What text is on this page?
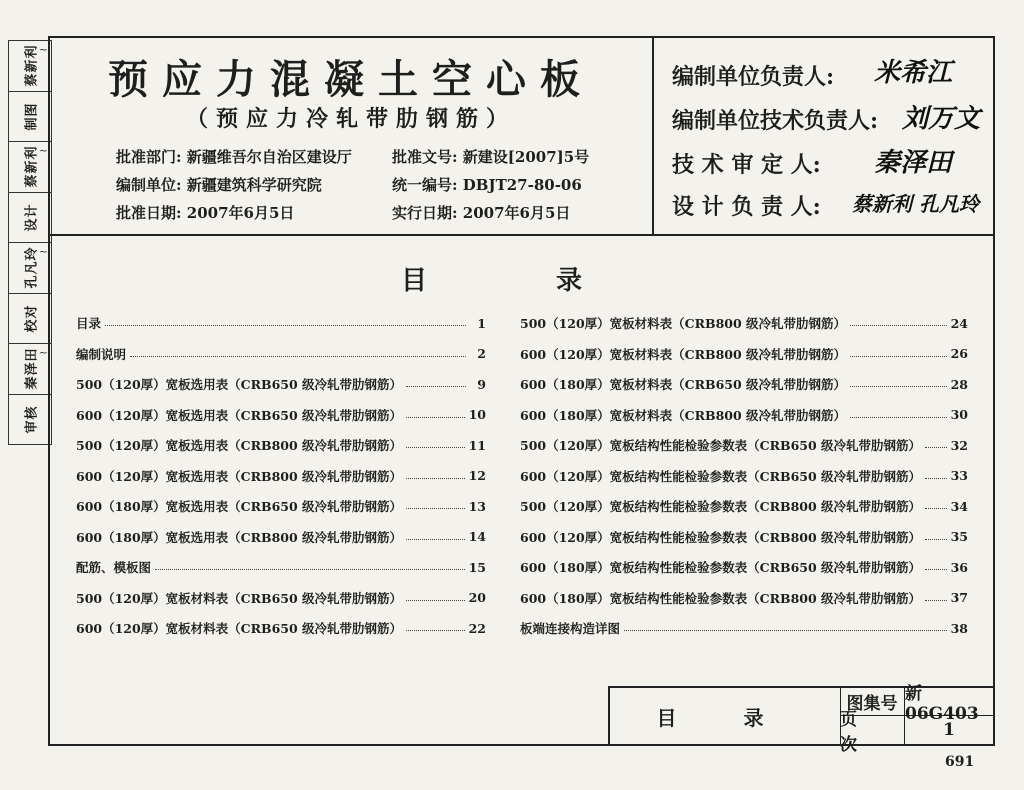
蔡新利 ~
制图
蔡新利 ~
设计
孔凡玲 ~
校对
秦泽田 ~
审核
预应力混凝土空心板
（预应力冷轧带肋钢筋）
批准部门: 新疆维吾尔自治区建设厅	批准文号: 新建设[2007]5号
编制单位: 新疆建筑科学研究院	统一编号: DBJT27-80-06
批准日期: 2007年6月5日	实行日期: 2007年6月5日
编制单位负责人: 米希江
编制单位技术负责人: 刘万文
技 术 审 定 人: 秦泽田
设 计 负 责 人: 蔡新利 孔凡玲
目 录
目录	1
编制说明	2
500（120厚）宽板选用表（CRB650 级冷轧带肋钢筋）	9
600（120厚）宽板选用表（CRB650 级冷轧带肋钢筋）	10
500（120厚）宽板选用表（CRB800 级冷轧带肋钢筋）	11
600（120厚）宽板选用表（CRB800 级冷轧带肋钢筋）	12
600（180厚）宽板选用表（CRB650 级冷轧带肋钢筋）	13
600（180厚）宽板选用表（CRB800 级冷轧带肋钢筋）	14
配筋、模板图	15
500（120厚）宽板材料表（CRB650 级冷轧带肋钢筋）	20
600（120厚）宽板材料表（CRB650 级冷轧带肋钢筋）	22
500（120厚）宽板材料表（CRB800 级冷轧带肋钢筋）	24
600（120厚）宽板材料表（CRB800 级冷轧带肋钢筋）	26
600（180厚）宽板材料表（CRB650 级冷轧带肋钢筋）	28
600（180厚）宽板材料表（CRB800 级冷轧带肋钢筋）	30
500（120厚）宽板结构性能检验参数表（CRB650 级冷轧带肋钢筋） 32
600（120厚）宽板结构性能检验参数表（CRB650 级冷轧带肋钢筋） 33
500（120厚）宽板结构性能检验参数表（CRB800 级冷轧带肋钢筋） 34
600（120厚）宽板结构性能检验参数表（CRB800 级冷轧带肋钢筋） 35
600（180厚）宽板结构性能检验参数表（CRB650 级冷轧带肋钢筋） 36
600（180厚）宽板结构性能检验参数表（CRB800 级冷轧带肋钢筋） 37
板端连接构造详图	38
目 录
图集号 新06G403
页 次
1
691
